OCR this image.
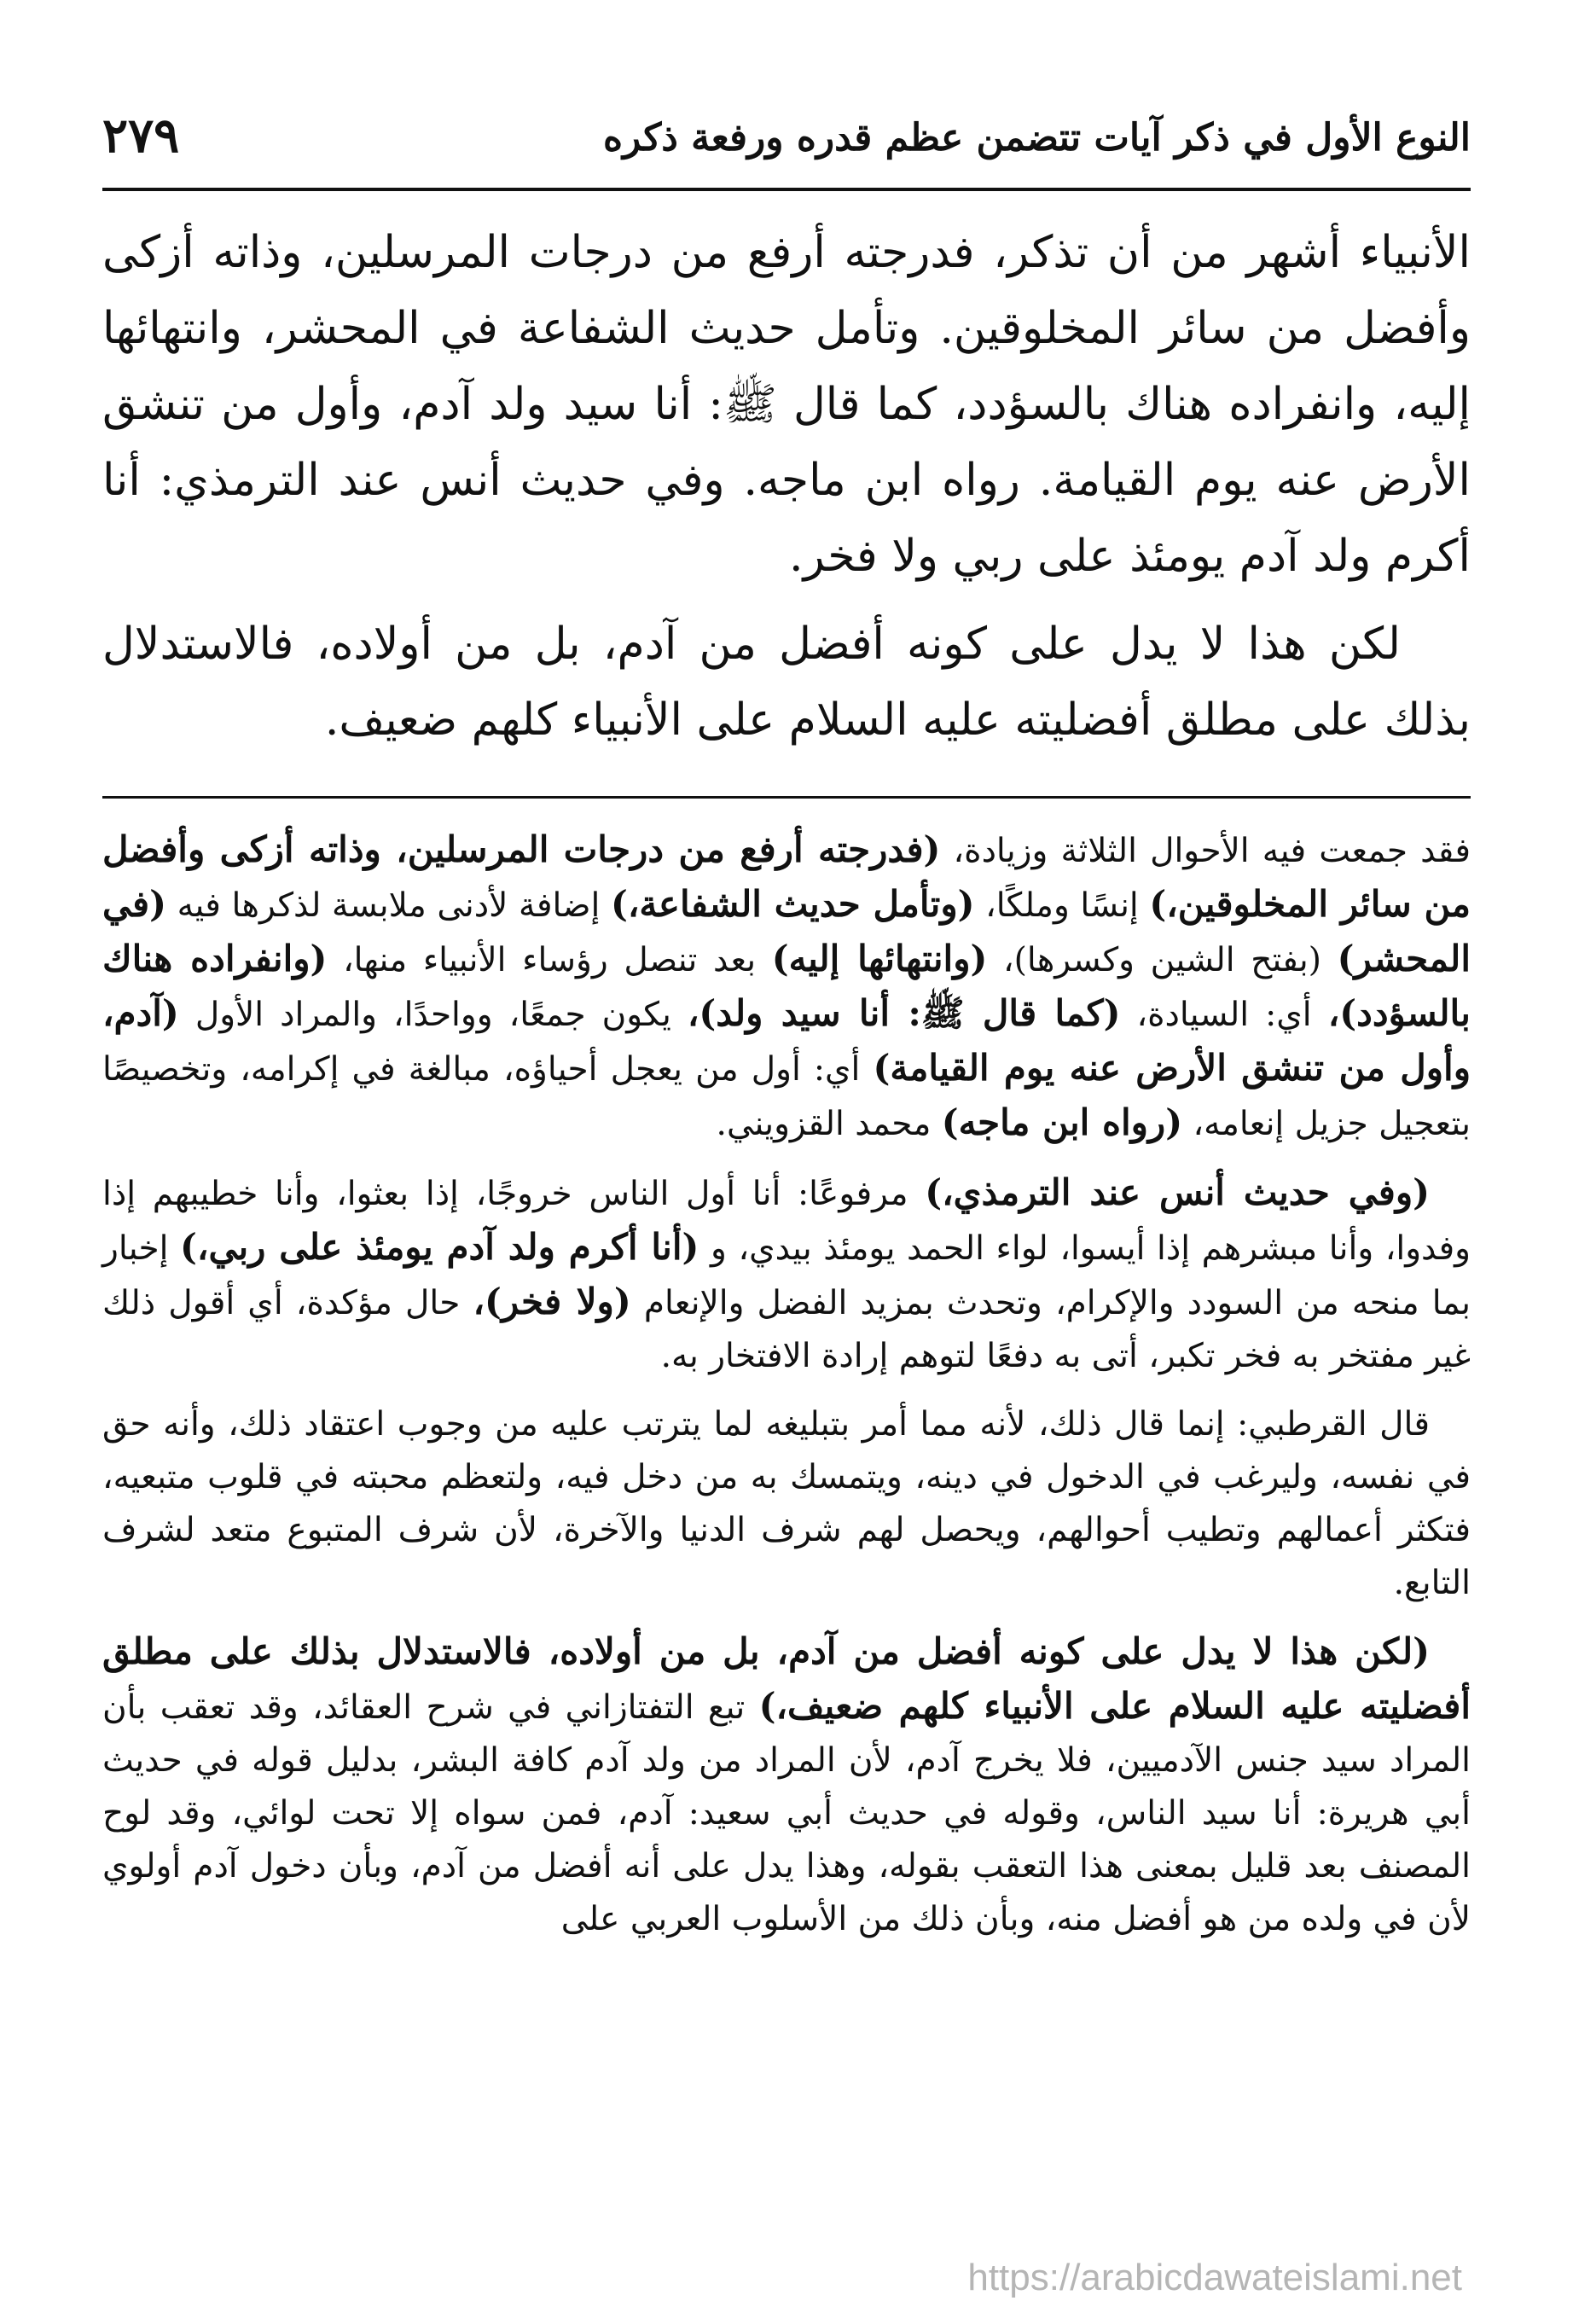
النوع الأول في ذكر آيات تتضمن عظم قدره ورفعة ذكره
٢٧٩

الأنبياء أشهر من أن تذكر، فدرجته أرفع من درجات المرسلين، وذاته أزكى وأفضل من سائر المخلوقين. وتأمل حديث الشفاعة في المحشر، وانتهائها إليه، وانفراده هناك بالسؤدد، كما قال ﷺ: أنا سيد ولد آدم، وأول من تنشق الأرض عنه يوم القيامة. رواه ابن ماجه. وفي حديث أنس عند الترمذي: أنا أكرم ولد آدم يومئذ على ربي ولا فخر.

لكن هذا لا يدل على كونه أفضل من آدم، بل من أولاده، فالاستدلال بذلك على مطلق أفضليته عليه السلام على الأنبياء كلهم ضعيف.

فقد جمعت فيه الأحوال الثلاثة وزيادة، (فدرجته أرفع من درجات المرسلين، وذاته أزكى وأفضل من سائر المخلوقين،) إنسًا وملكًا، (وتأمل حديث الشفاعة،) إضافة لأدنى ملابسة لذكرها فيه (في المحشر) (بفتح الشين وكسرها)، (وانتهائها إليه) بعد تنصل رؤساء الأنبياء منها، (وانفراده هناك بالسؤدد)، أي: السيادة، (كما قال ﷺ: أنا سيد ولد)، يكون جمعًا، وواحدًا، والمراد الأول (آدم، وأول من تنشق الأرض عنه يوم القيامة) أي: أول من يعجل أحياؤه، مبالغة في إكرامه، وتخصيصًا بتعجيل جزيل إنعامه، (رواه ابن ماجه) محمد القزويني.

(وفي حديث أنس عند الترمذي،) مرفوعًا: أنا أول الناس خروجًا، إذا بعثوا، وأنا خطيبهم إذا وفدوا، وأنا مبشرهم إذا أيسوا، لواء الحمد يومئذ بيدي، و (أنا أكرم ولد آدم يومئذ على ربي،) إخبار بما منحه من السودد والإكرام، وتحدث بمزيد الفضل والإنعام (ولا فخر)، حال مؤكدة، أي أقول ذلك غير مفتخر به فخر تكبر، أتى به دفعًا لتوهم إرادة الافتخار به.

قال القرطبي: إنما قال ذلك، لأنه مما أمر بتبليغه لما يترتب عليه من وجوب اعتقاد ذلك، وأنه حق في نفسه، وليرغب في الدخول في دينه، ويتمسك به من دخل فيه، ولتعظم محبته في قلوب متبعيه، فتكثر أعمالهم وتطيب أحوالهم، ويحصل لهم شرف الدنيا والآخرة، لأن شرف المتبوع متعد لشرف التابع.

(لكن هذا لا يدل على كونه أفضل من آدم، بل من أولاده، فالاستدلال بذلك على مطلق أفضليته عليه السلام على الأنبياء كلهم ضعيف،) تبع التفتازاني في شرح العقائد، وقد تعقب بأن المراد سيد جنس الآدميين، فلا يخرج آدم، لأن المراد من ولد آدم كافة البشر، بدليل قوله في حديث أبي هريرة: أنا سيد الناس، وقوله في حديث أبي سعيد: آدم، فمن سواه إلا تحت لوائي، وقد لوح المصنف بعد قليل بمعنى هذا التعقب بقوله، وهذا يدل على أنه أفضل من آدم، وبأن دخول آدم أولوي لأن في ولده من هو أفضل منه، وبأن ذلك من الأسلوب العربي على

https://arabicdawateislami.net
